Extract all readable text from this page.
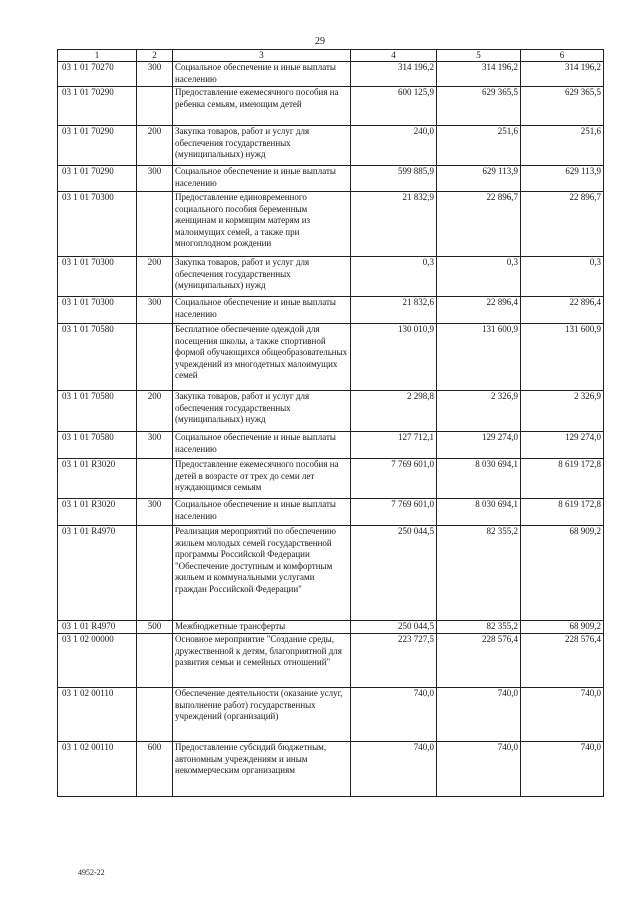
29
1	2	3	4	5	6
03 1 01 70270	300	Социальное обеспечение и иные выплаты населению	314 196,2	314 196,2	314 196,2
03 1 01 70290		Предоставление ежемесячного пособия на ребенка семьям, имеющим детей	600 125,9	629 365,5	629 365,5
03 1 01 70290	200	Закупка товаров, работ и услуг для обеспечения государственных (муниципальных) нужд	240,0	251,6	251,6
03 1 01 70290	300	Социальное обеспечение и иные выплаты населению	599 885,9	629 113,9	629 113,9
03 1 01 70300		Предоставление единовременного социального пособия беременным женщинам и кормящим матерям из малоимущих семей, а также при многоплодном рождении	21 832,9	22 896,7	22 896,7
03 1 01 70300	200	Закупка товаров, работ и услуг для обеспечения государственных (муниципальных) нужд	0,3	0,3	0,3
03 1 01 70300	300	Социальное обеспечение и иные выплаты населению	21 832,6	22 896,4	22 896,4
03 1 01 70580		Бесплатное обеспечение одеждой для посещения школы, а также спортивной формой обучающихся общеобразовательных учреждений из многодетных малоимущих семей	130 010,9	131 600,9	131 600,9
03 1 01 70580	200	Закупка товаров, работ и услуг для обеспечения государственных (муниципальных) нужд	2 298,8	2 326,9	2 326,9
03 1 01 70580	300	Социальное обеспечение и иные выплаты населению	127 712,1	129 274,0	129 274,0
03 1 01 R3020		Предоставление ежемесячного пособия на детей в возрасте от трех до семи лет нуждающимся семьям	7 769 601,0	8 030 694,1	8 619 172,8
03 1 01 R3020	300	Социальное обеспечение и иные выплаты населению	7 769 601,0	8 030 694,1	8 619 172,8
03 1 01 R4970		Реализация мероприятий по обеспечению жильем молодых семей государственной программы Российской Федерации "Обеспечение доступным и комфортным жильем и коммунальными услугами граждан Российской Федерации"	250 044,5	82 355,2	68 909,2
03 1 01 R4970	500	Межбюджетные трансферты	250 044,5	82 355,2	68 909,2
03 1 02 00000		Основное мероприятие "Создание среды, дружественной к детям, благоприятной для развития семьи и семейных отношений"	223 727,5	228 576,4	228 576,4
03 1 02 00110		Обеспечение деятельности (оказание услуг, выполнение работ) государственных учреждений (организаций)	740,0	740,0	740,0
03 1 02 00110	600	Предоставление субсидий бюджетным, автономным учреждениям и иным некоммерческим организациям	740,0	740,0	740,0
4952-22
